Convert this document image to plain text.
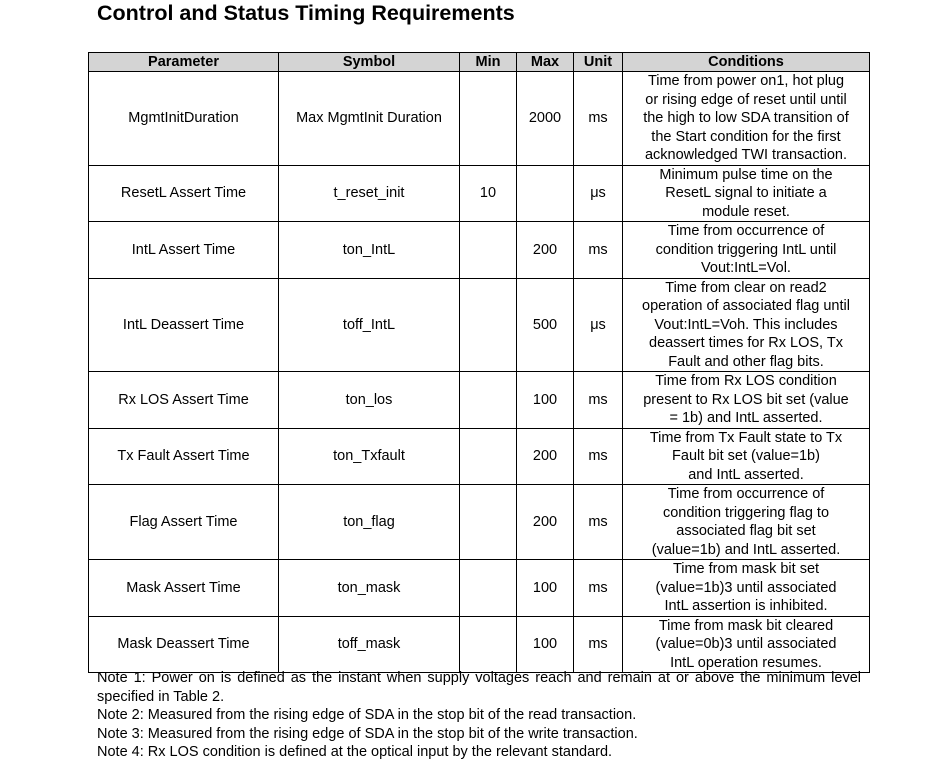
Control and Status Timing Requirements
Parameter	Symbol	Min	Max	Unit	Conditions
MgmtInitDuration	Max MgmtInit Duration		2000	ms	Time from power on1, hot plug
or rising edge of reset until until
the high to low SDA transition of
the Start condition for the first
acknowledged TWI transaction.

ResetL Assert Time	t_reset_init	10		μs	Minimum pulse time on the
ResetL signal to initiate a
module reset.

IntL Assert Time	ton_IntL		200	ms	Time from occurrence of
condition triggering IntL until
Vout:IntL=Vol.

IntL Deassert Time	toff_IntL		500	μs	Time from clear on read2
operation of associated flag until
Vout:IntL=Voh. This includes
deassert times for Rx LOS, Tx
Fault and other flag bits.

Rx LOS Assert Time	ton_los		100	ms	Time from Rx LOS condition
present to Rx LOS bit set (value
= 1b) and IntL asserted.

Tx Fault Assert Time	ton_Txfault		200	ms	Time from Tx Fault state to Tx
Fault bit set (value=1b)
and IntL asserted.

Flag Assert Time	ton_flag		200	ms	Time from occurrence of
condition triggering flag to
associated flag bit set
(value=1b) and IntL asserted.

Mask Assert Time	ton_mask		100	ms	Time from mask bit set
(value=1b)3 until associated
IntL assertion is inhibited.

Mask Deassert Time	toff_mask		100	ms	Time from mask bit cleared
(value=0b)3 until associated
IntL operation resumes.

Note 1: Power on is defined as the instant when supply voltages reach and remain at or above the minimum level specified in Table 2.

Note 2: Measured from the rising edge of SDA in the stop bit of the read transaction.

Note 3: Measured from the rising edge of SDA in the stop bit of the write transaction.

Note 4: Rx LOS condition is defined at the optical input by the relevant standard.
